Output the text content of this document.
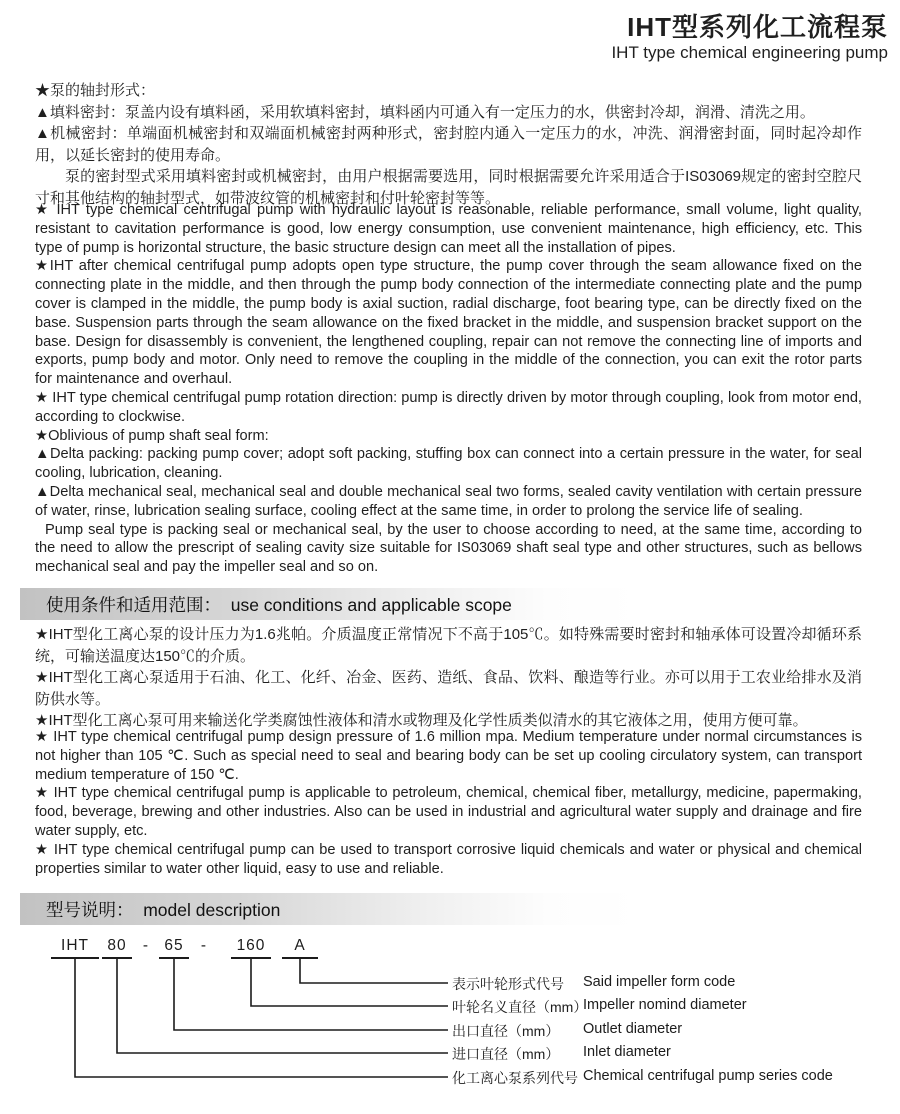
IHT型系列化工流程泵
IHT type chemical engineering pump

★泵的轴封形式：

▲填料密封：泵盖内设有填料函，采用软填料密封，填料函内可通入有一定压力的水，供密封冷却，润滑、清洗之用。

▲机械密封：单端面机械密封和双端面机械密封两种形式，密封腔内通入一定压力的水，冲洗、润滑密封面，同时起冷却作用，以延长密封的使用寿命。

泵的密封型式采用填料密封或机械密封，由用户根据需要选用，同时根据需要允许采用适合于IS03069规定的密封空腔尺寸和其他结构的轴封型式，如带波纹管的机械密封和付叶轮密封等等。

★ IHT type chemical centrifugal pump with hydraulic layout is reasonable, reliable performance, small volume, light quality, resistant to cavitation performance is good, low energy consumption, use convenient maintenance, high efficiency, etc. This type of pump is horizontal structure, the basic structure design can meet all the installation of pipes.

★IHT after chemical centrifugal pump adopts open type structure, the pump cover through the seam allowance fixed on the connecting plate in the middle, and then through the pump body connection of the intermediate connecting plate and the pump cover is clamped in the middle, the pump body is axial suction, radial discharge, foot bearing type, can be directly fixed on the base. Suspension parts through the seam allowance on the fixed bracket in the middle, and suspension bracket support on the base. Design for disassembly is convenient, the lengthened coupling, repair can not remove the connecting line of imports and exports, pump body and motor. Only need to remove the coupling in the middle of the connection, you can exit the rotor parts for maintenance and overhaul.

★ IHT type chemical centrifugal pump rotation direction: pump is directly driven by motor through coupling, look from motor end, according to clockwise.

★Oblivious of pump shaft seal form:

▲Delta packing: packing pump cover; adopt soft packing, stuffing box can connect into a certain pressure in the water, for seal cooling, lubrication, cleaning.

▲Delta mechanical seal, mechanical seal and double mechanical seal two forms, sealed cavity ventilation with certain pressure of water, rinse, lubrication sealing surface, cooling effect at the same time, in order to prolong the service life of sealing.

Pump seal type is packing seal or mechanical seal, by the user to choose according to need, at the same time, according to the need to allow the prescript of sealing cavity size suitable for IS03069 shaft seal type and other structures, such as bellows mechanical seal and pay the impeller seal and so on.

使用条件和适用范围：  use conditions and applicable scope

★IHT型化工离心泵的设计压力为1.6兆帕。介质温度正常情况下不高于105℃。如特殊需要时密封和轴承体可设置冷却循环系统，可输送温度达150℃的介质。

★IHT型化工离心泵适用于石油、化工、化纤、冶金、医药、造纸、食品、饮料、酿造等行业。亦可以用于工农业给排水及消防供水等。

★IHT型化工离心泵可用来输送化学类腐蚀性液体和清水或物理及化学性质类似清水的其它液体之用，使用方便可靠。

★ IHT type chemical centrifugal pump design pressure of 1.6 million mpa. Medium temperature under normal circumstances is not higher than 105 ℃. Such as special need to seal and bearing body can be set up cooling circulatory system, can transport medium temperature of 150 ℃.

★ IHT type chemical centrifugal pump is applicable to petroleum, chemical, chemical fiber, metallurgy, medicine, papermaking, food, beverage, brewing and other industries. Also can be used in industrial and agricultural water supply and drainage and fire water supply, etc.

★ IHT type chemical centrifugal pump can be used to transport corrosive liquid chemicals and water or physical and chemical properties similar to water other liquid, easy to use and reliable.

型号说明：  model description
IHT 80 - 65 - 160 A
表示叶轮形式代号 Said impeller form code
叶轮名义直径（mm）
Impeller nomind diameter
出口直径（mm） Outlet diameter
进口直径（mm） Inlet diameter
化工离心泵系列代号 Chemical centrifugal pump series code
